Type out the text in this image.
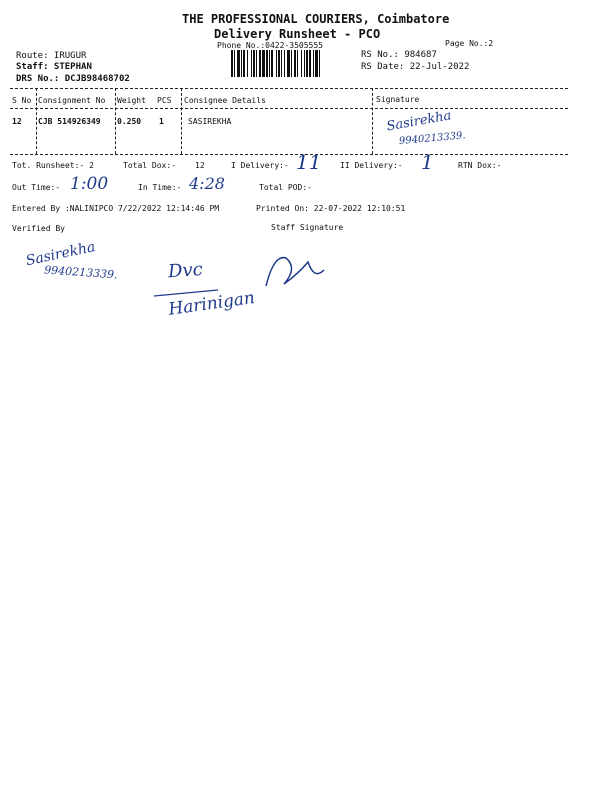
THE PROFESSIONAL COURIERS, Coimbatore
Delivery Runsheet - PCO
Phone No.:0422-3505555	Page No.:2
Route: IRUGUR
Staff: STEPHAN
DRS No.: DCJB98468702
RS No.: 984687
RS Date: 22-Jul-2022
S No Consignment No Weight PCS Consignee Details	Signature
12 CJB 514926349 0.250 1	SASIREKHA	Sasirekha
9940213339.
Tot. Runsheet:- 2	Total Dox:- 12	I Delivery:- 11 II Delivery:- 1	RTN Dox:-
Out Time:- 1:00	In Time:- 4:28	Total POD:-
Entered By :NALINIPCO 7/22/2022 12:14:46 PM	Printed On: 22-07-2022 12:10:51
Verified By	Staff Signature
Sasirekha
9940213339.	Dvc
Harinigan
